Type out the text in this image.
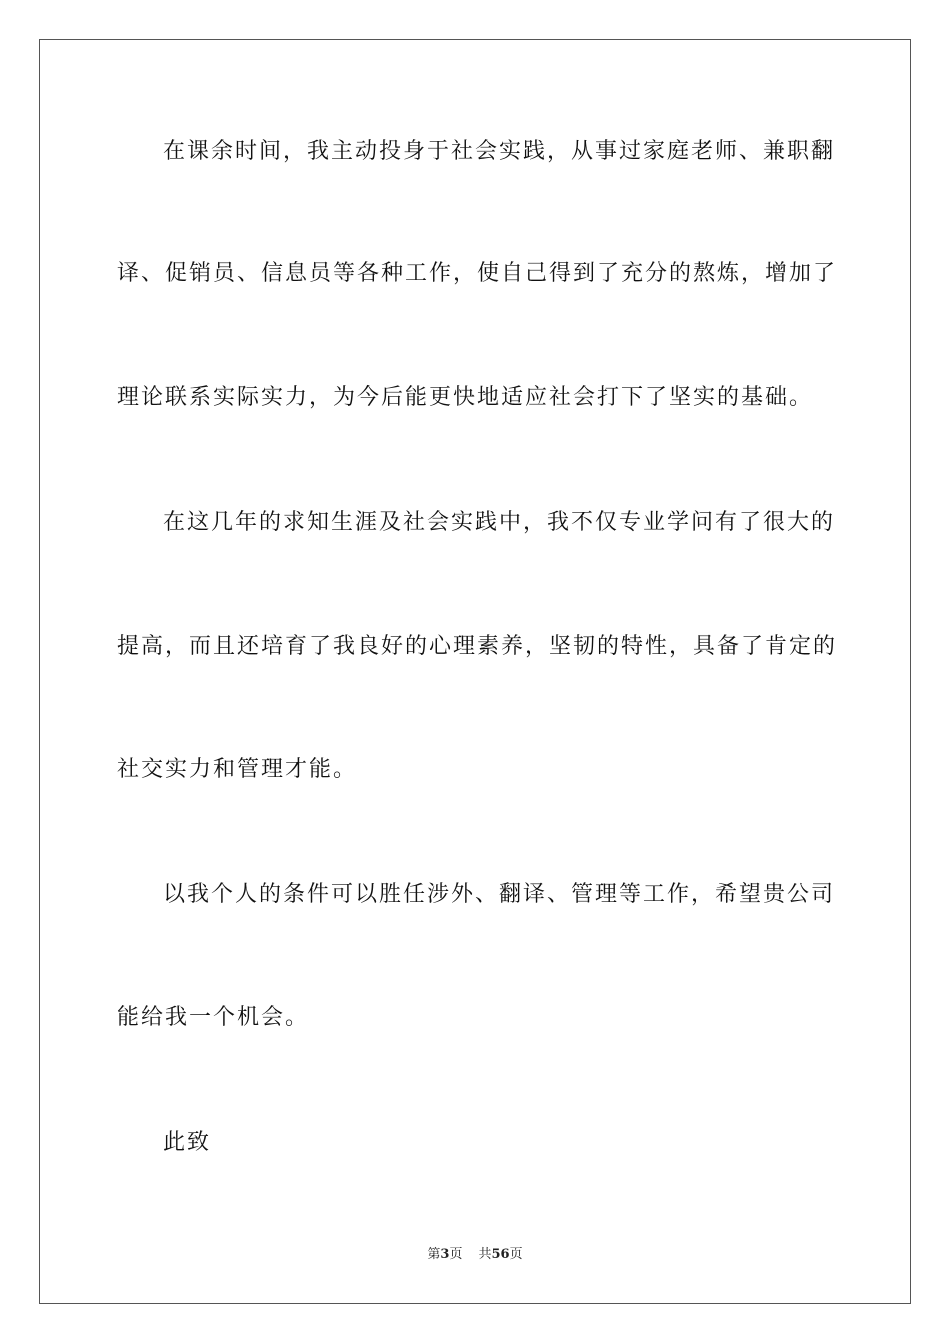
在课余时间，我主动投身于社会实践，从事过家庭老师、兼职翻
译、促销员、信息员等各种工作，使自己得到了充分的熬炼，增加了
理论联系实际实力，为今后能更快地适应社会打下了坚实的基础。
在这几年的求知生涯及社会实践中，我不仅专业学问有了很大的
提高，而且还培育了我良好的心理素养，坚韧的特性，具备了肯定的
社交实力和管理才能。
以我个人的条件可以胜任涉外、翻译、管理等工作，希望贵公司
能给我一个机会。
此致
第3页 共56页
